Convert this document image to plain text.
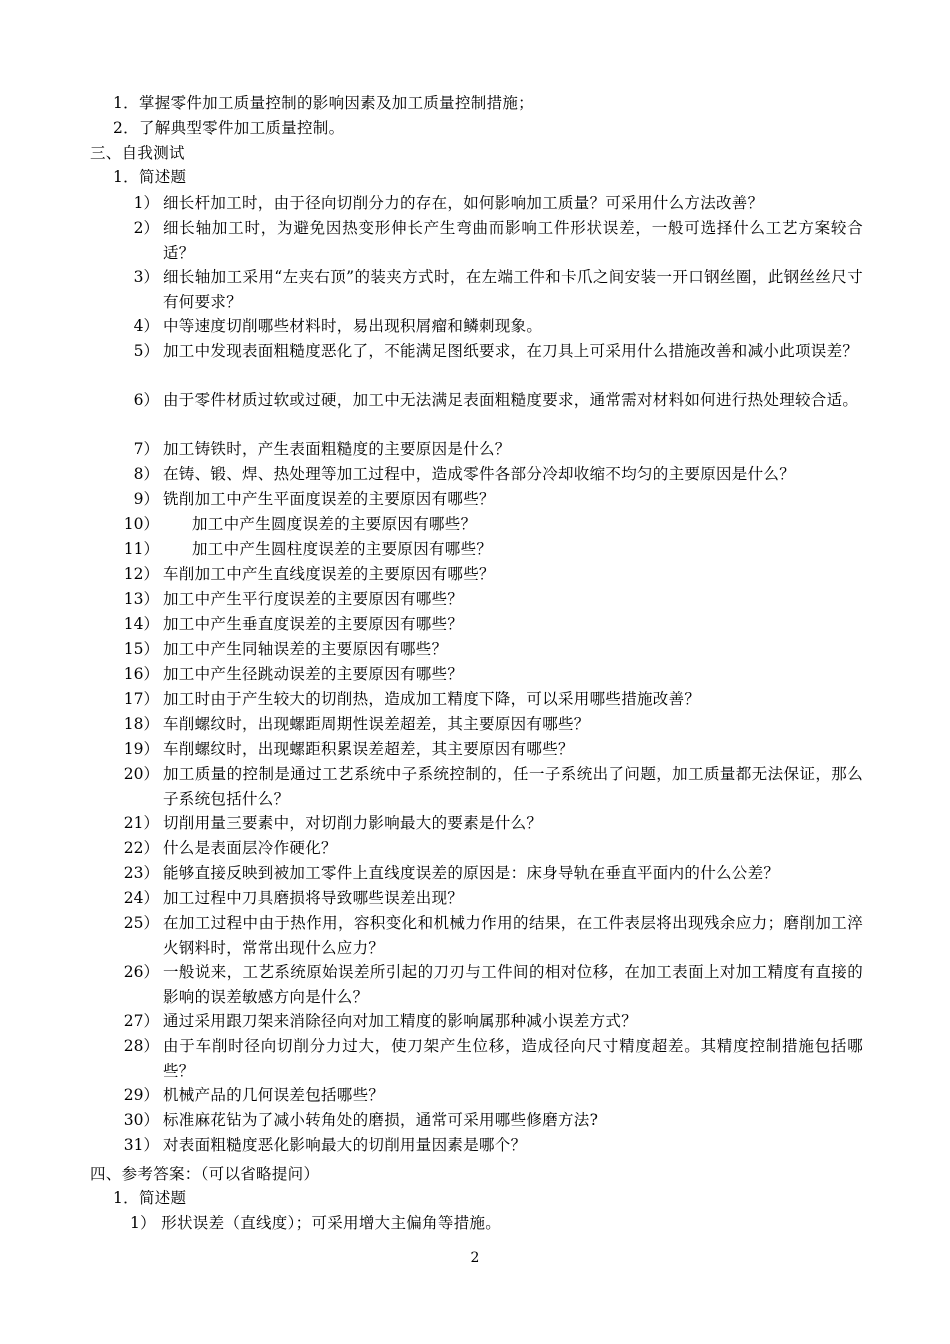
1．掌握零件加工质量控制的影响因素及加工质量控制措施；
2．了解典型零件加工质量控制。
三、自我测试
1．简述题
1） 细长杆加工时，由于径向切削分力的存在，如何影响加工质量？可采用什么方法改善？
2） 细长轴加工时，为避免因热变形伸长产生弯曲而影响工件形状误差，一般可选择什么工艺方案较合适？
3） 细长轴加工采用“左夹右顶”的装夹方式时，在左端工件和卡爪之间安装一开口钢丝圈，此钢丝丝尺寸有何要求？
4） 中等速度切削哪些材料时，易出现积屑瘤和鳞刺现象。
5） 加工中发现表面粗糙度恶化了，不能满足图纸要求，在刀具上可采用什么措施改善和减小此项误差？
6） 由于零件材质过软或过硬，加工中无法满足表面粗糙度要求，通常需对材料如何进行热处理较合适。
7） 加工铸铁时，产生表面粗糙度的主要原因是什么？
8） 在铸、锻、焊、热处理等加工过程中，造成零件各部分冷却收缩不均匀的主要原因是什么？
9） 铣削加工中产生平面度误差的主要原因有哪些？
10） 加工中产生圆度误差的主要原因有哪些？
11） 加工中产生圆柱度误差的主要原因有哪些？
12） 车削加工中产生直线度误差的主要原因有哪些？
13） 加工中产生平行度误差的主要原因有哪些？
14） 加工中产生垂直度误差的主要原因有哪些？
15） 加工中产生同轴误差的主要原因有哪些？
16） 加工中产生径跳动误差的主要原因有哪些？
17） 加工时由于产生较大的切削热，造成加工精度下降，可以采用哪些措施改善？
18） 车削螺纹时，出现螺距周期性误差超差，其主要原因有哪些？
19） 车削螺纹时，出现螺距积累误差超差，其主要原因有哪些？
20） 加工质量的控制是通过工艺系统中子系统控制的，任一子系统出了问题，加工质量都无法保证，那么子系统包括什么？
21） 切削用量三要素中，对切削力影响最大的要素是什么？
22） 什么是表面层冷作硬化？
23） 能够直接反映到被加工零件上直线度误差的原因是：床身导轨在垂直平面内的什么公差？
24） 加工过程中刀具磨损将导致哪些误差出现？
25） 在加工过程中由于热作用，容积变化和机械力作用的结果，在工件表层将出现残余应力；磨削加工淬火钢料时，常常出现什么应力？
26） 一般说来，工艺系统原始误差所引起的刀刃与工件间的相对位移，在加工表面上对加工精度有直接的影响的误差敏感方向是什么？
27） 通过采用跟刀架来消除径向对加工精度的影响属那种减小误差方式？
28） 由于车削时径向切削分力过大，使刀架产生位移，造成径向尺寸精度超差。其精度控制措施包括哪些？
29） 机械产品的几何误差包括哪些？
30） 标准麻花钻为了减小转角处的磨损，通常可采用哪些修磨方法?
31） 对表面粗糙度恶化影响最大的切削用量因素是哪个？
四、参考答案：（可以省略提问）
1．简述题
1） 形状误差（直线度）；可采用增大主偏角等措施。
2
